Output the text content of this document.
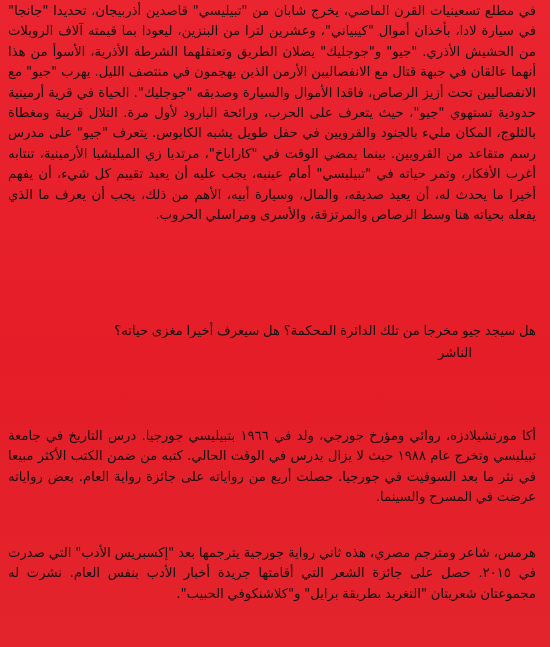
في مطلع تسعينيات القرن الماضي، يخرج شابان من "تبيليسي" قاصدين أذربيجان، تحديدا "جانجا" في سيارة لادا، بأخذان أموال "كيبياني"، وعشرين لترا من البنزين، ليعودا بما قيمته آلاف الروبلات من الحشيش الأذري. "جيو" و"جوجليك" يضلان الطريق وتعتقلهما الشرطة الأذرية، الأسوأ من هذا أنهما عالقان في جبهة قتال مع الانفصاليين الأرمن الذين يهجمون في منتصف الليل. يهرب "جيو" مع الانفصاليين تحت أزيز الرصاص، فاقدا الأموال والسيارة وصديقه "جوجليك". الحياة في قرية أرمينية حدودية تستهوي "جيو"، حيث يتعرف على الحرب، ورائحة البارود لأول مرة. التلال قريبة ومغطاة بالثلوج، المكان مليء بالجنود والقرويين في حفل طويل يشبه الكابوس. يتعرف "جيو" على مدرس رسم متقاعد من القرويين. بينما يمضي الوقت في "كاراباخ"، مرتديا زي الميليشيا الأرمينية، تنتابه أغرب الأفكار، وتمر حياته في "تبيليسي" أمام عينيه، يجب عليه أن يعيد تقييم كل شيء، أن يفهم أخيرا ما يحدث له، أن يعيد صديقه، والمال، وسيارة أبيه، الأهم من ذلك، يجب أن يعرف ما الذي يفعله بحياته هنا وسط الرصاص والمرتزقة، والأسرى ومراسلي الحروب.

هل سيجد جيو مخرجا من تلك الدائرة المحكمة؟ هل سيعرف أخيرا مغزى حياته؟

الناشر

أكا مورتشيلادزه، روائي ومؤرخ جورجي، ولد في ١٩٦٦ بتبيليسي جورجيا. درس التاريخ في جامعة تبيليسي وتخرج عام ١٩٨٨ حيث لا يزال يدرس في الوقت الحالي. كتبه من ضمن الكتب الأكثر مبيعا في نثر ما بعد السوفيت في جورجيا. حصلت أربع من رواياته على جائزة رواية العام. بعض رواياته عرضت في المسرح والسينما.

هرمس، شاعر ومترجم مصري، هذه ثاني رواية جورجية يترجمها بعد "إكسبريس الأدب" التي صدرت في ٢٠١٥. حصل على جائزة الشعر التي أقامتها جريدة أخبار الأدب بنفس العام. نشرت له مجموعتان شعريتان "التغريد بطريقة برايل" و"كلاشنكوفي الحبيب".
